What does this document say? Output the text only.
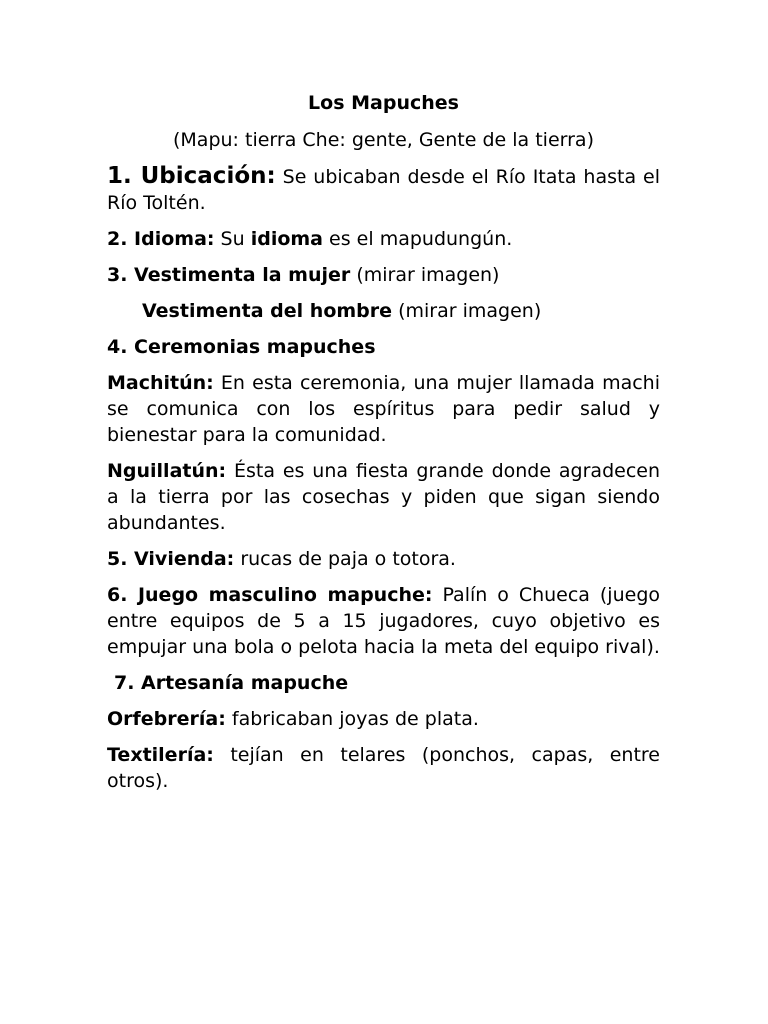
Los Mapuches

(Mapu: tierra Che: gente, Gente de la tierra)

1. Ubicación: Se ubicaban desde el Río Itata hasta el Río Toltén.

2. Idioma: Su idioma es el mapudungún.

3. Vestimenta la mujer (mirar imagen)

Vestimenta del hombre (mirar imagen)

4. Ceremonias mapuches

Machitún: En esta ceremonia, una mujer llamada machi se comunica con los espíritus para pedir salud y bienestar para la comunidad.

Nguillatún: Ésta es una fiesta grande donde agradecen a la tierra por las cosechas y piden que sigan siendo abundantes.

5. Vivienda: rucas de paja o totora.

6. Juego masculino mapuche: Palín o Chueca (juego entre equipos de 5 a 15 jugadores, cuyo objetivo es empujar una bola o pelota hacia la meta del equipo rival).

7. Artesanía mapuche

Orfebrería: fabricaban joyas de plata.

Textilería: tejían en telares (ponchos, capas, entre otros).
